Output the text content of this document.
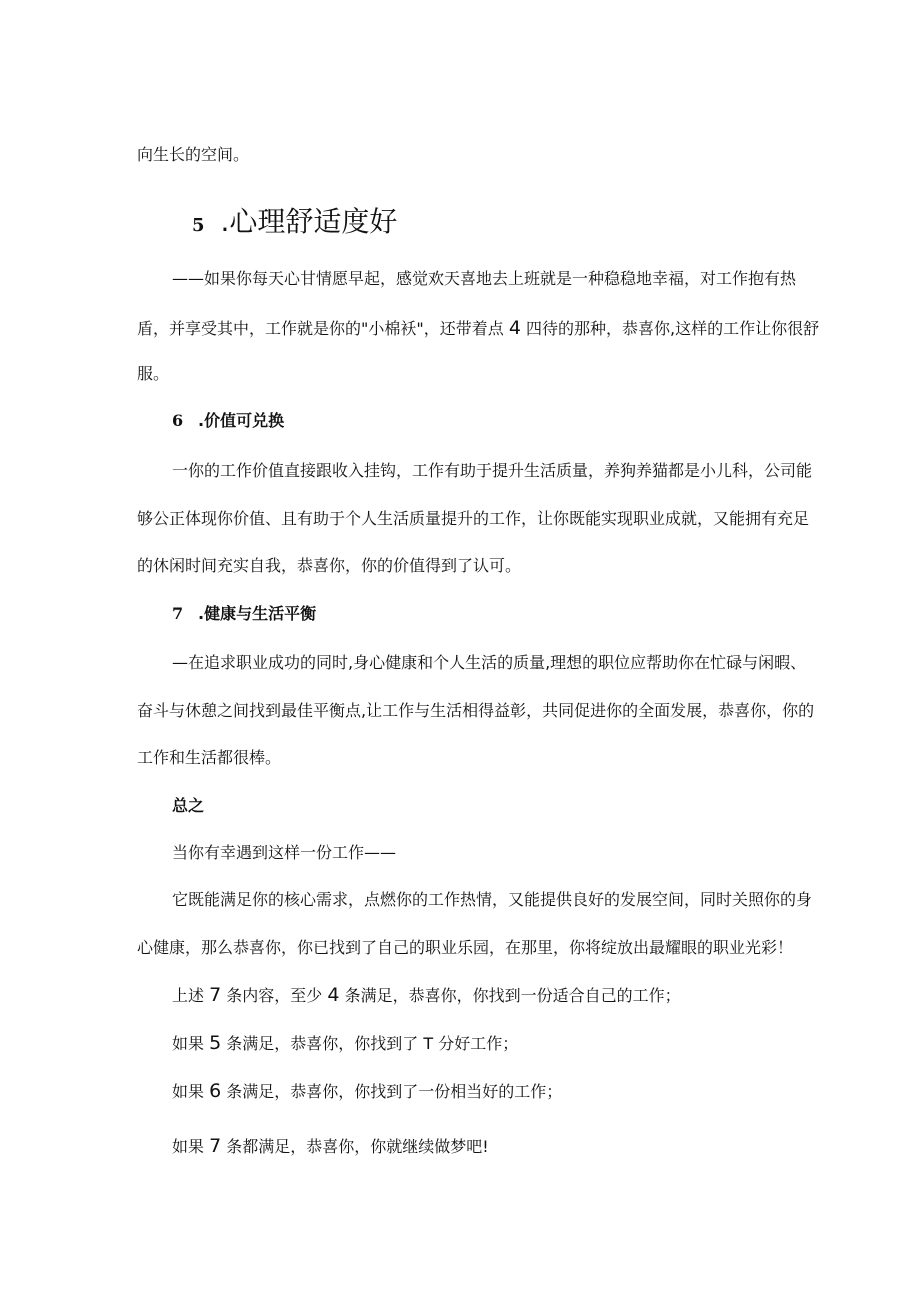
向生长的空间。
5 .心理舒适度好
——如果你每天心甘情愿早起，感觉欢天喜地去上班就是一种稳稳地幸福，对工作抱有热
盾，并享受其中，工作就是你的"小棉袄"，还带着点 4 四待的那种，恭喜你,这样的工作让你很舒
服。
6 .价值可兑换
一你的工作价值直接跟收入挂钩，工作有助于提升生活质量，养狗养猫都是小儿科，公司能
够公正体现你价值、且有助于个人生活质量提升的工作，让你既能实现职业成就，又能拥有充足
的休闲时间充实自我，恭喜你，你的价值得到了认可。
7 .健康与生活平衡
—在追求职业成功的同时,身心健康和个人生活的质量,理想的职位应帮助你在忙碌与闲暇、
奋斗与休憩之间找到最佳平衡点,让工作与生活相得益彰，共同促进你的全面发展，恭喜你，你的
工作和生活都很棒。
总之
当你有幸遇到这样一份工作——
它既能满足你的核心需求，点燃你的工作热情，又能提供良好的发展空间，同时关照你的身
心健康，那么恭喜你，你已找到了自己的职业乐园，在那里，你将绽放出最耀眼的职业光彩！
上述 7 条内容，至少 4 条满足，恭喜你，你找到一份适合自己的工作；
如果 5 条满足，恭喜你，你找到了 T 分好工作；
如果 6 条满足，恭喜你，你找到了一份相当好的工作；
如果 7 条都满足，恭喜你，你就继续做梦吧!
